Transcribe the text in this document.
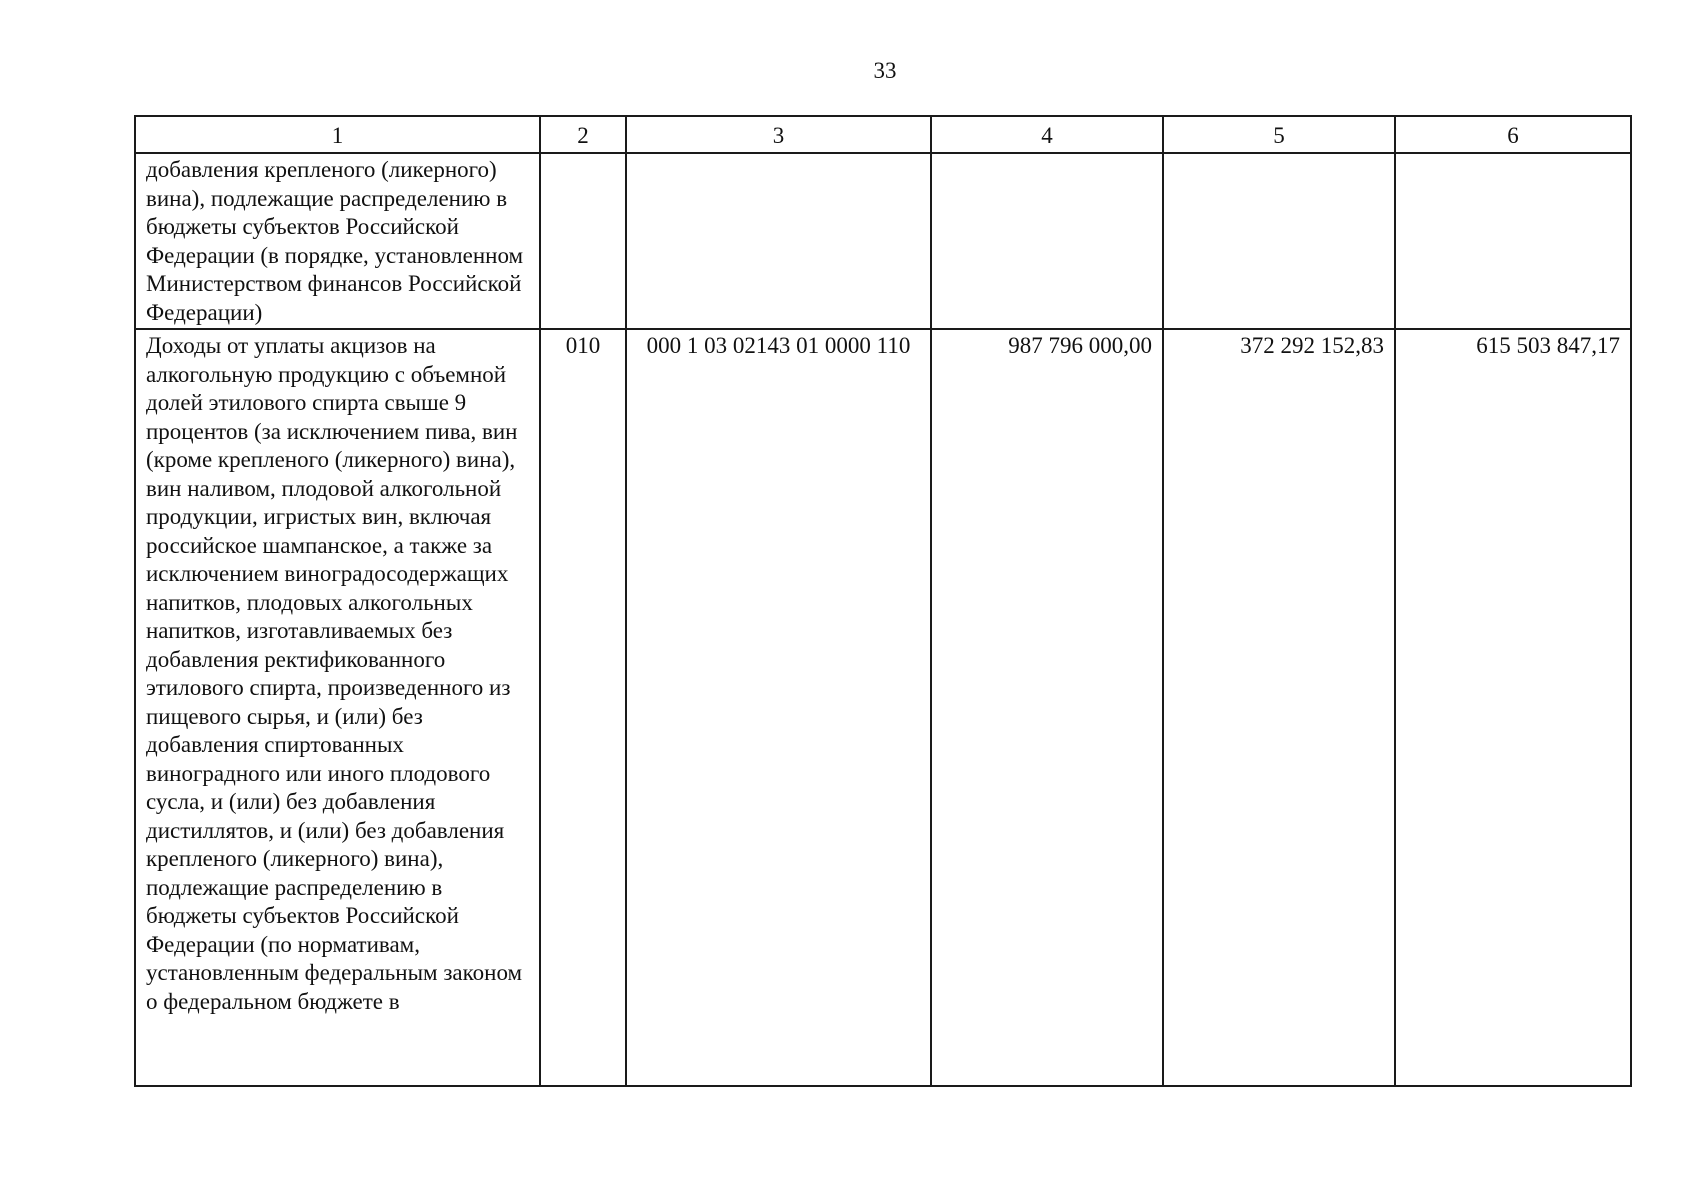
33
1	2	3	4	5	6
добавления крепленого (ликерного) вина), подлежащие распределению в бюджеты субъектов Российской Федерации (в порядке, установленном Министерством финансов Российской Федерации)					
Доходы от уплаты акцизов на алкогольную продукцию с объемной долей этилового спирта свыше 9 процентов (за исключением пива, вин (кроме крепленого (ликерного) вина), вин наливом, плодовой алкогольной продукции, игристых вин, включая российское шампанское, а также за исключением виноградосодержащих напитков, плодовых алкогольных напитков, изготавливаемых без добавления ректификованного этилового спирта, произведенного из пищевого сырья, и (или) без добавления спиртованных виноградного или иного плодового сусла, и (или) без добавления дистиллятов, и (или) без добавления крепленого (ликерного) вина), подлежащие распределению в бюджеты субъектов Российской Федерации (по нормативам, установленным федеральным законом о федеральном бюджете в	010	000 1 03 02143 01 0000 110	987 796 000,00	372 292 152,83	615 503 847,17
